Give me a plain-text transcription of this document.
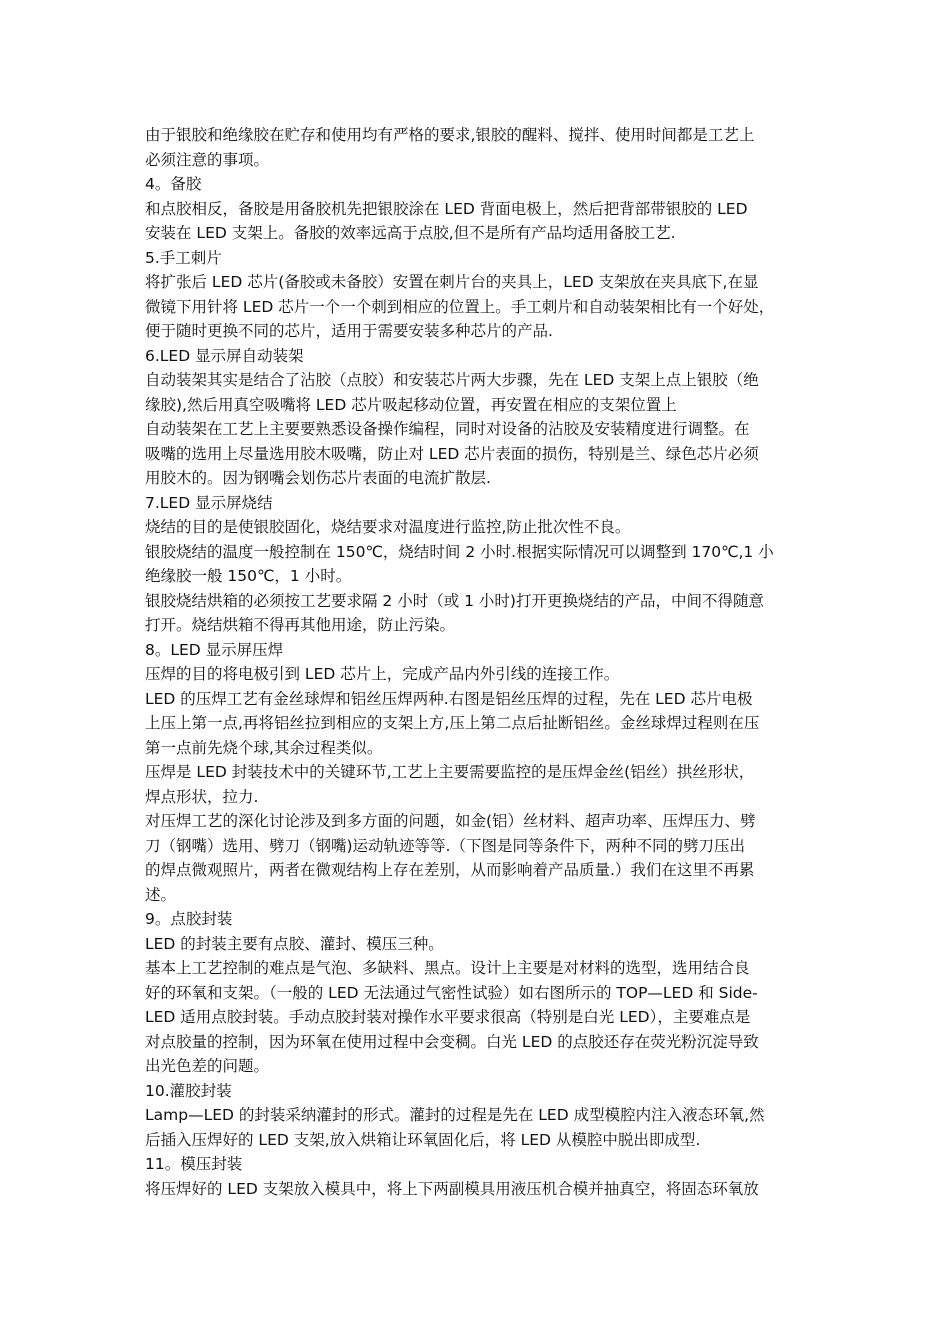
由于银胶和绝缘胶在贮存和使用均有严格的要求,银胶的醒料、搅拌、使用时间都是工艺上
必须注意的事项。
4。备胶
和点胶相反，备胶是用备胶机先把银胶涂在 LED 背面电极上，然后把背部带银胶的 LED
安装在 LED 支架上。备胶的效率远高于点胶,但不是所有产品均适用备胶工艺.
5.手工刺片
将扩张后 LED 芯片(备胶或未备胶）安置在刺片台的夹具上，LED 支架放在夹具底下,在显
微镜下用针将 LED 芯片一个一个刺到相应的位置上。手工刺片和自动装架相比有一个好处，
便于随时更换不同的芯片，适用于需要安装多种芯片的产品.
6.LED 显示屏自动装架
自动装架其实是结合了沾胶（点胶）和安装芯片两大步骤，先在 LED 支架上点上银胶（绝
缘胶),然后用真空吸嘴将 LED 芯片吸起移动位置，再安置在相应的支架位置上
自动装架在工艺上主要要熟悉设备操作编程，同时对设备的沾胶及安装精度进行调整。在
吸嘴的选用上尽量选用胶木吸嘴，防止对 LED 芯片表面的损伤，特别是兰、绿色芯片必须
用胶木的。因为钢嘴会划伤芯片表面的电流扩散层.
7.LED 显示屏烧结
烧结的目的是使银胶固化，烧结要求对温度进行监控,防止批次性不良。
银胶烧结的温度一般控制在 150℃，烧结时间 2 小时.根据实际情况可以调整到 170℃,1 小
绝缘胶一般 150℃，1 小时。
银胶烧结烘箱的必须按工艺要求隔 2 小时（或 1 小时)打开更换烧结的产品，中间不得随意
打开。烧结烘箱不得再其他用途，防止污染。
8。LED 显示屏压焊
压焊的目的将电极引到 LED 芯片上，完成产品内外引线的连接工作。
LED 的压焊工艺有金丝球焊和铝丝压焊两种.右图是铝丝压焊的过程，先在 LED 芯片电极
上压上第一点,再将铝丝拉到相应的支架上方,压上第二点后扯断铝丝。金丝球焊过程则在压
第一点前先烧个球,其余过程类似。
压焊是 LED 封装技术中的关键环节,工艺上主要需要监控的是压焊金丝(铝丝）拱丝形状，
焊点形状，拉力.
对压焊工艺的深化讨论涉及到多方面的问题，如金(铝）丝材料、超声功率、压焊压力、劈
刀（钢嘴）选用、劈刀（钢嘴)运动轨迹等等.（下图是同等条件下，两种不同的劈刀压出
的焊点微观照片，两者在微观结构上存在差别，从而影响着产品质量.）我们在这里不再累
述。
9。点胶封装
LED 的封装主要有点胶、灌封、模压三种。
基本上工艺控制的难点是气泡、多缺料、黑点。设计上主要是对材料的选型，选用结合良
好的环氧和支架。（一般的 LED 无法通过气密性试验）如右图所示的 TOP—LED 和 Side-
LED 适用点胶封装。手动点胶封装对操作水平要求很高（特别是白光 LED），主要难点是
对点胶量的控制，因为环氧在使用过程中会变稠。白光 LED 的点胶还存在荧光粉沉淀导致
出光色差的问题。
10.灌胶封装
Lamp—LED 的封装采纳灌封的形式。灌封的过程是先在 LED 成型模腔内注入液态环氧,然
后插入压焊好的 LED 支架,放入烘箱让环氧固化后，将 LED 从模腔中脱出即成型.
11。模压封装
将压焊好的 LED 支架放入模具中，将上下两副模具用液压机合模并抽真空，将固态环氧放
